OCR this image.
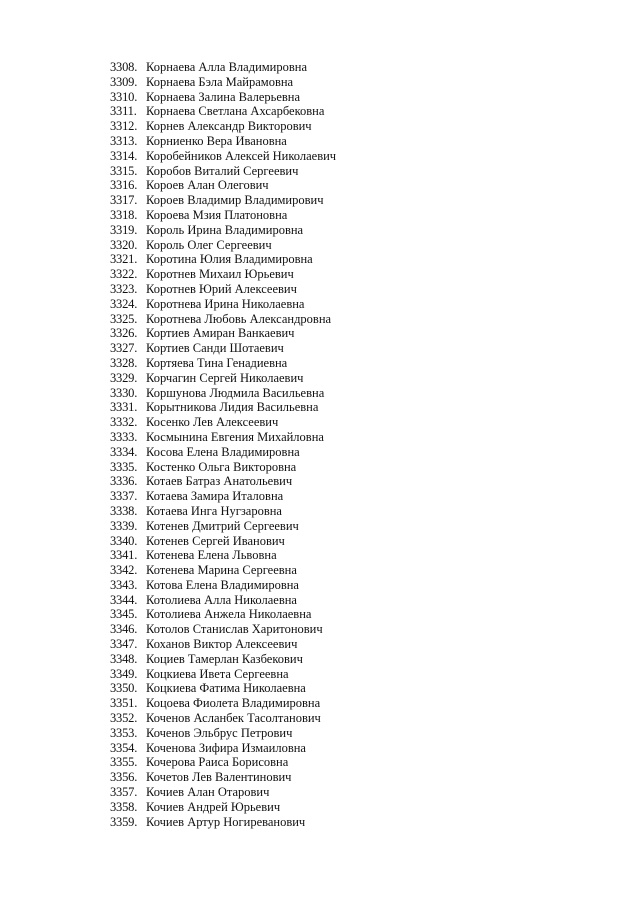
3308. Корнаева Алла Владимировна
3309. Корнаева Бэла Майрамовна
3310. Корнаева Залина Валерьевна
3311. Корнаева Светлана Ахсарбековна
3312. Корнев Александр Викторович
3313. Корниенко Вера Ивановна
3314. Коробейников Алексей Николаевич
3315. Коробов Виталий Сергеевич
3316. Короев Алан Олегович
3317. Короев Владимир Владимирович
3318. Короева Мзия Платоновна
3319. Король Ирина Владимировна
3320. Король Олег Сергеевич
3321. Коротина Юлия Владимировна
3322. Коротнев Михаил Юрьевич
3323. Коротнев Юрий Алексеевич
3324. Коротнева Ирина Николаевна
3325. Коротнева Любовь Александровна
3326. Кортиев Амиран Ванкаевич
3327. Кортиев Санди Шотаевич
3328. Кортяева Тина Генадиевна
3329. Корчагин Сергей Николаевич
3330. Коршунова Людмила Васильевна
3331. Корытникова Лидия Васильевна
3332. Косенко Лев Алексеевич
3333. Космынина Евгения Михайловна
3334. Косова Елена Владимировна
3335. Костенко Ольга Викторовна
3336. Котаев Батраз Анатольевич
3337. Котаева Замира Италовна
3338. Котаева Инга Нугзаровна
3339. Котенев Дмитрий Сергеевич
3340. Котенев Сергей Иванович
3341. Котенева Елена Львовна
3342. Котенева Марина Сергеевна
3343. Котова Елена Владимировна
3344. Котолиева Алла Николаевна
3345. Котолиева Анжела Николаевна
3346. Котолов Станислав Харитонович
3347. Коханов Виктор Алексеевич
3348. Коциев Тамерлан Казбекович
3349. Коцкиева Ивета Сергеевна
3350. Коцкиева Фатима Николаевна
3351. Коцоева Фиолета Владимировна
3352. Коченов Асланбек Тасолтанович
3353. Коченов Эльбрус Петрович
3354. Коченова Зифира Измаиловна
3355. Кочерова Раиса Борисовна
3356. Кочетов Лев Валентинович
3357. Кочиев Алан Отарович
3358. Кочиев Андрей Юрьевич
3359. Кочиев Артур Ногиреванович
